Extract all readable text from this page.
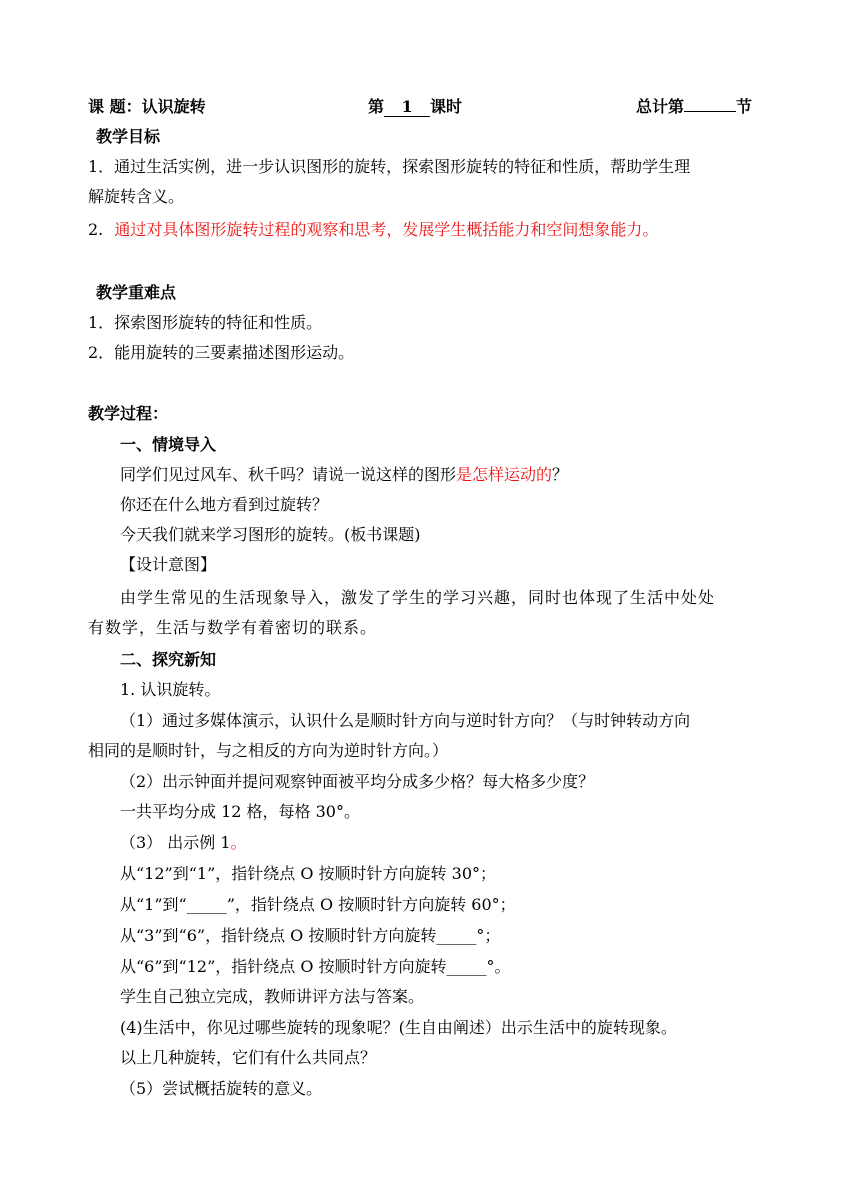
课 题：认识旋转	第 1 课时	总计第	节
教学目标
1．通过生活实例，进一步认识图形的旋转，探索图形旋转的特征和性质，帮助学生理
解旋转含义。
2. 通过对具体图形旋转过程的观察和思考，发展学生概括能力和空间想象能力。
教学重难点
1．探索图形旋转的特征和性质。
2．能用旋转的三要素描述图形运动。
教学过程：
一、情境导入
同学们见过风车、秋千吗？请说一说这样的图形是怎样运动的？
你还在什么地方看到过旋转？
今天我们就来学习图形的旋转。(板书课题)
【设计意图】
由学生常见的生活现象导入，激发了学生的学习兴趣，同时也体现了生活中处处
有数学，生活与数学有着密切的联系。
二、探究新知
1. 认识旋转。
（1）通过多媒体演示，认识什么是顺时针方向与逆时针方向？（与时钟转动方向
相同的是顺时针，与之相反的方向为逆时针方向。）
（2）出示钟面并提问观察钟面被平均分成多少格？每大格多少度？
一共平均分成 12 格，每格 30°。
（3） 出示例 1。
从“12”到“1”，指针绕点 O 按顺时针方向旋转 30°；
从“1”到“_____”，指针绕点 O 按顺时针方向旋转 60°；
从“3”到“6”，指针绕点 O 按顺时针方向旋转_____°；
从“6”到“12”，指针绕点 O 按顺时针方向旋转_____°。
学生自己独立完成，教师讲评方法与答案。
(4)生活中，你见过哪些旋转的现象呢？(生自由阐述）出示生活中的旋转现象。
以上几种旋转，它们有什么共同点？
（5）尝试概括旋转的意义。
